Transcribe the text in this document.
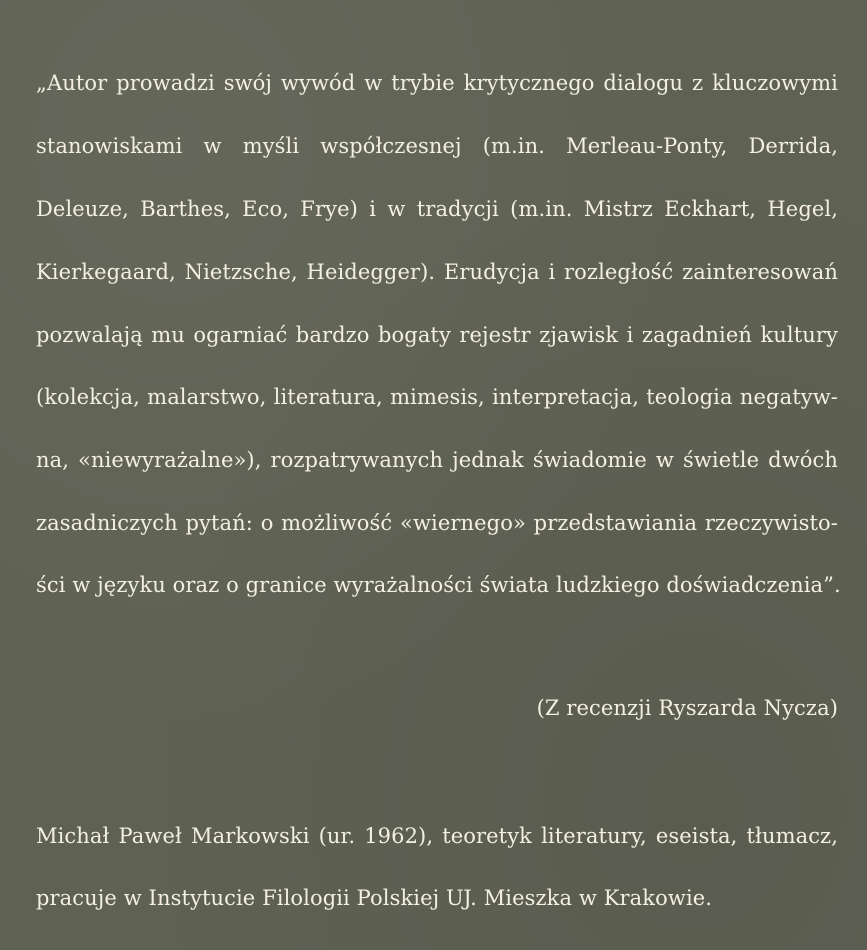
„Autor prowadzi swój wywód w trybie krytycznego dialogu z kluczowymi
stanowiskami w myśli współczesnej (m.in. Merleau-Ponty, Derrida,
Deleuze, Barthes, Eco, Frye) i w tradycji (m.in. Mistrz Eckhart, Hegel,
Kierkegaard, Nietzsche, Heidegger). Erudycja i rozległość zainteresowań
pozwalają mu ogarniać bardzo bogaty rejestr zjawisk i zagadnień kultury
(kolekcja, malarstwo, literatura, mimesis, interpretacja, teologia negatyw-
na, «niewyrażalne»), rozpatrywanych jednak świadomie w świetle dwóch
zasadniczych pytań: o możliwość «wiernego» przedstawiania rzeczywisto-
ści w języku oraz o granice wyrażalności świata ludzkiego doświadczenia”.
(Z recenzji Ryszarda Nycza)
Michał Paweł Markowski (ur. 1962), teoretyk literatury, eseista, tłumacz,
pracuje w Instytucie Filologii Polskiej UJ. Mieszka w Krakowie.
